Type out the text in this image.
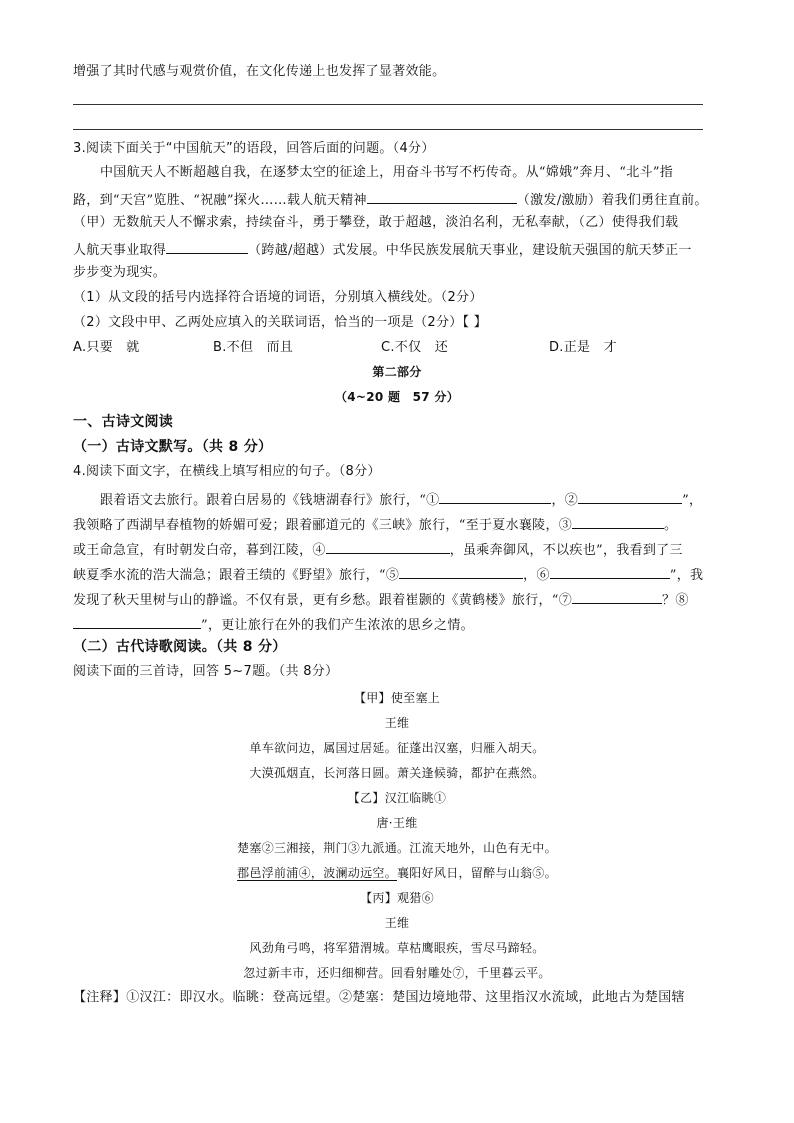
增强了其时代感与观赏价值，在文化传递上也发挥了显著效能。
3.阅读下面关于“中国航天”的语段，回答后面的问题。（4分）
中国航天人不断超越自我，在逐梦太空的征途上，用奋斗书写不朽传奇。从“嫦娥”奔月、“北斗”指
路，到“天宫”览胜、“祝融”探火……载人航天精神	（激发/激励）着我们勇往直前。
（甲）无数航天人不懈求索，持续奋斗，勇于攀登，敢于超越，淡泊名利，无私奉献，（乙）使得我们载
人航天事业取得	（跨越/超越）式发展。中华民族发展航天事业，建设航天强国的航天梦正一
步步变为现实。
（1）从文段的括号内选择符合语境的词语，分别填入横线处。（2分）
（2）文段中甲、乙两处应填入的关联词语，恰当的一项是（2分）【 】
A.只要　就	B.不但　而且	C.不仅　还	D.正是　才
第二部分
（4~20 题　57 分）
一、古诗文阅读
（一）古诗文默写。（共 8 分）
4.阅读下面文字，在横线上填写相应的句子。（8分）
跟着语文去旅行。跟着白居易的《钱塘湖春行》旅行，“①	，②	”，
我领略了西湖早春植物的娇媚可爱；跟着郦道元的《三峡》旅行，“至于夏水襄陵，③	。
或王命急宣，有时朝发白帝，暮到江陵，④	，虽乘奔御风，不以疾也”，我看到了三
峡夏季水流的浩大湍急；跟着王绩的《野望》旅行，“⑤	，⑥	”，我
发现了秋天里树与山的静谧。不仅有景，更有乡愁。跟着崔颢的《黄鹤楼》旅行，“⑦	？⑧
”，更让旅行在外的我们产生浓浓的思乡之情。
（二）古代诗歌阅读。（共 8 分）
阅读下面的三首诗，回答 5~7题。（共 8分）
【甲】使至塞上
王维
单车欲问边，属国过居延。征蓬出汉塞，归雁入胡天。
大漠孤烟直，长河落日圆。萧关逢候骑，都护在燕然。
【乙】汉江临眺①
唐·王维
楚塞②三湘接，荆门③九派通。江流天地外，山色有无中。
郡邑浮前浦④，波澜动远空。襄阳好风日，留醉与山翁⑤。
【丙】观猎⑥
王维
风劲角弓鸣，将军猎渭城。草枯鹰眼疾，雪尽马蹄轻。
忽过新丰市，还归细柳营。回看射雕处⑦，千里暮云平。
【注释】①汉江：即汉水。临眺：登高远望。②楚塞：楚国边境地带、这里指汉水流域，此地古为楚国辖
